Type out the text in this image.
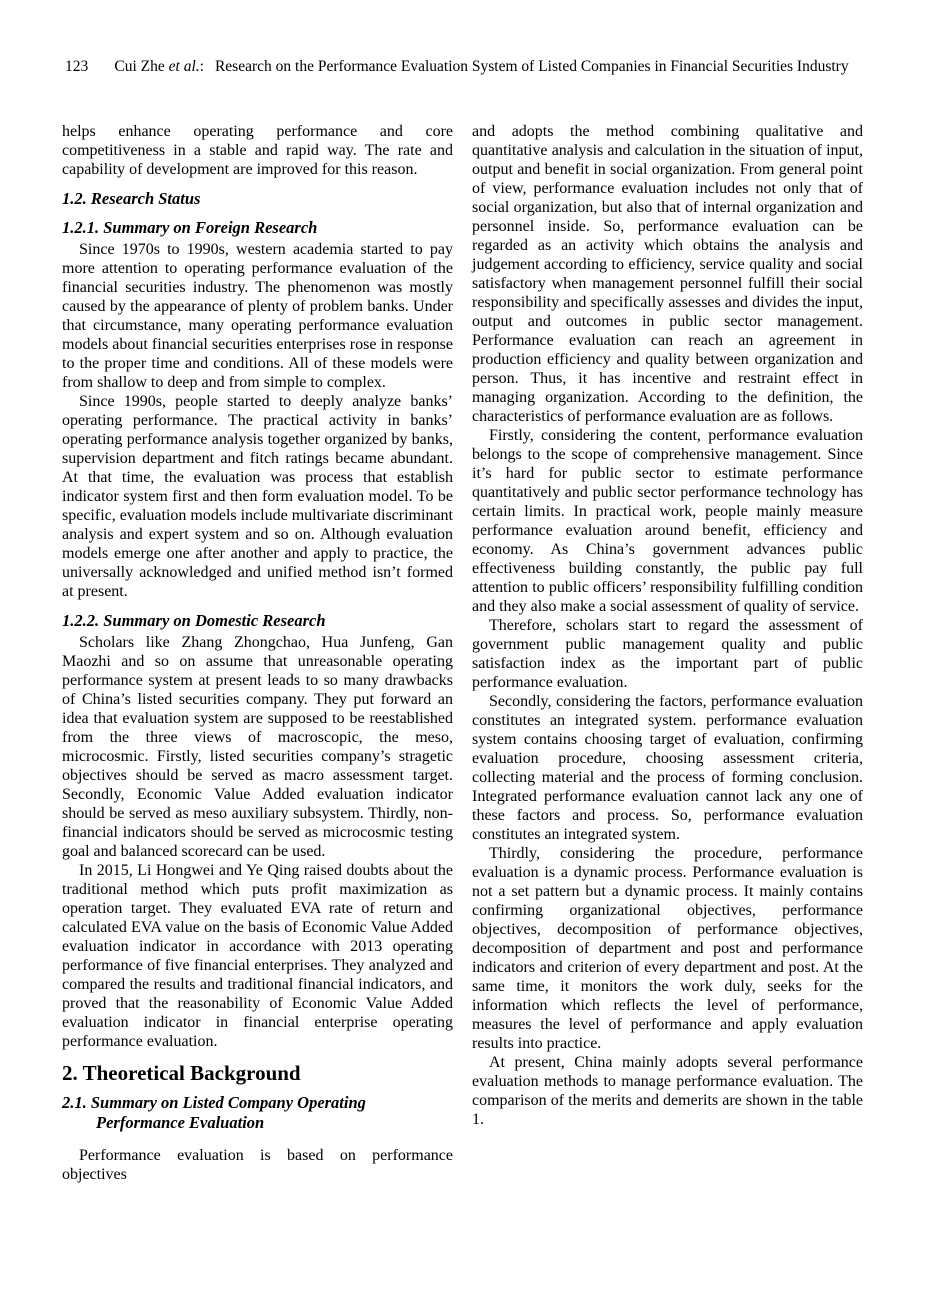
123 Cui Zhe et al.: Research on the Performance Evaluation System of Listed Companies in Financial Securities Industry

helps enhance operating performance and core competitiveness in a stable and rapid way. The rate and capability of development are improved for this reason.

1.2. Research Status
1.2.1. Summary on Foreign Research

Since 1970s to 1990s, western academia started to pay more attention to operating performance evaluation of the financial securities industry. The phenomenon was mostly caused by the appearance of plenty of problem banks. Under that circumstance, many operating performance evaluation models about financial securities enterprises rose in response to the proper time and conditions. All of these models were from shallow to deep and from simple to complex.

Since 1990s, people started to deeply analyze banks’ operating performance. The practical activity in banks’ operating performance analysis together organized by banks, supervision department and fitch ratings became abundant. At that time, the evaluation was process that establish indicator system first and then form evaluation model. To be specific, evaluation models include multivariate discriminant analysis and expert system and so on. Although evaluation models emerge one after another and apply to practice, the universally acknowledged and unified method isn’t formed at present.

1.2.2. Summary on Domestic Research

Scholars like Zhang Zhongchao, Hua Junfeng, Gan Maozhi and so on assume that unreasonable operating performance system at present leads to so many drawbacks of China’s listed securities company. They put forward an idea that evaluation system are supposed to be reestablished from the three views of macroscopic, the meso, microcosmic. Firstly, listed securities company’s stragetic objectives should be served as macro assessment target. Secondly, Economic Value Added evaluation indicator should be served as meso auxiliary subsystem. Thirdly, non-financial indicators should be served as microcosmic testing goal and balanced scorecard can be used.

In 2015, Li Hongwei and Ye Qing raised doubts about the traditional method which puts profit maximization as operation target. They evaluated EVA rate of return and calculated EVA value on the basis of Economic Value Added evaluation indicator in accordance with 2013 operating performance of five financial enterprises. They analyzed and compared the results and traditional financial indicators, and proved that the reasonability of Economic Value Added evaluation indicator in financial enterprise operating performance evaluation.

2. Theoretical Background
2.1. Summary on Listed Company Operating Performance Evaluation

Performance evaluation is based on performance objectives

and adopts the method combining qualitative and quantitative analysis and calculation in the situation of input, output and benefit in social organization. From general point of view, performance evaluation includes not only that of social organization, but also that of internal organization and personnel inside. So, performance evaluation can be regarded as an activity which obtains the analysis and judgement according to efficiency, service quality and social satisfactory when management personnel fulfill their social responsibility and specifically assesses and divides the input, output and outcomes in public sector management. Performance evaluation can reach an agreement in production efficiency and quality between organization and person. Thus, it has incentive and restraint effect in managing organization. According to the definition, the characteristics of performance evaluation are as follows.

Firstly, considering the content, performance evaluation belongs to the scope of comprehensive management. Since it’s hard for public sector to estimate performance quantitatively and public sector performance technology has certain limits. In practical work, people mainly measure performance evaluation around benefit, efficiency and economy. As China’s government advances public effectiveness building constantly, the public pay full attention to public officers’ responsibility fulfilling condition and they also make a social assessment of quality of service.

Therefore, scholars start to regard the assessment of government public management quality and public satisfaction index as the important part of public performance evaluation.

Secondly, considering the factors, performance evaluation constitutes an integrated system. performance evaluation system contains choosing target of evaluation, confirming evaluation procedure, choosing assessment criteria, collecting material and the process of forming conclusion. Integrated performance evaluation cannot lack any one of these factors and process. So, performance evaluation constitutes an integrated system.

Thirdly, considering the procedure, performance evaluation is a dynamic process. Performance evaluation is not a set pattern but a dynamic process. It mainly contains confirming organizational objectives, performance objectives, decomposition of performance objectives, decomposition of department and post and performance indicators and criterion of every department and post. At the same time, it monitors the work duly, seeks for the information which reflects the level of performance, measures the level of performance and apply evaluation results into practice.

At present, China mainly adopts several performance evaluation methods to manage performance evaluation. The comparison of the merits and demerits are shown in the table 1.
